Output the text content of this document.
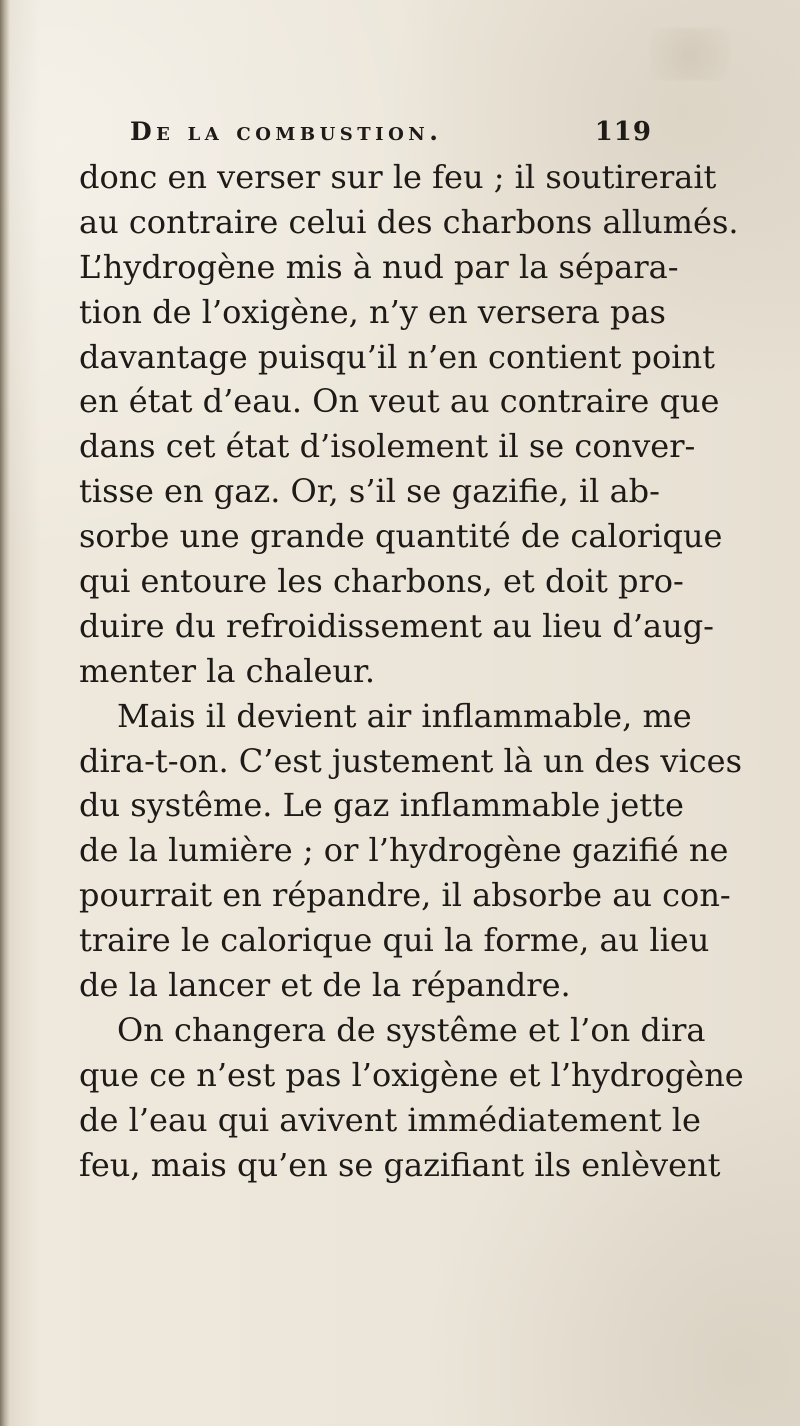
De la combustion.	119
donc en verser sur le feu ; il soutirerait
au contraire celui des charbons allumés.
L’hydrogène mis à nud par la sépara-
tion de l’oxigène, n’y en versera pas
davantage puisqu’il n’en contient point
en état d’eau. On veut au contraire que
dans cet état d’isolement il se conver-
tisse en gaz. Or, s’il se gazifie, il ab-
sorbe une grande quantité de calorique
qui entoure les charbons, et doit pro-
duire du refroidissement au lieu d’aug-
menter la chaleur.
Mais il devient air inflammable, me
dira-t-on. C’est justement là un des vices
du systême. Le gaz inflammable jette
de la lumière ; or l’hydrogène gazifié ne
pourrait en répandre, il absorbe au con-
traire le calorique qui la forme, au lieu
de la lancer et de la répandre.
On changera de systême et l’on dira
que ce n’est pas l’oxigène et l’hydrogène
de l’eau qui avivent immédiatement le
feu, mais qu’en se gazifiant ils enlèvent
